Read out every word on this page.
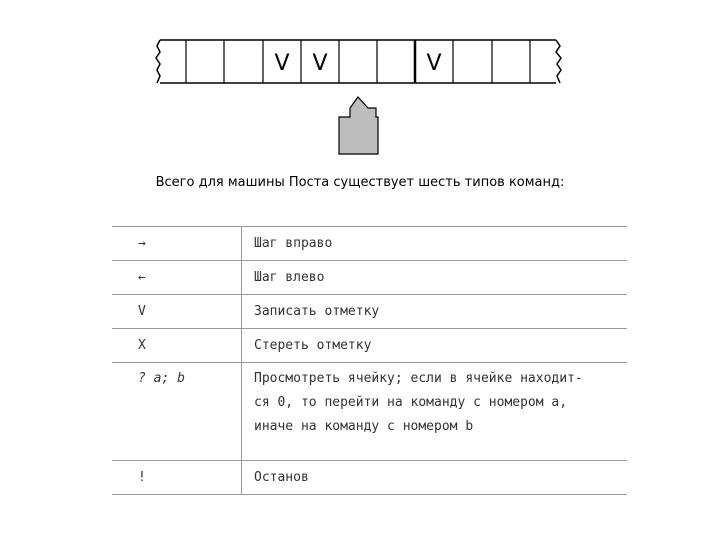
V V	V
Всего для машины Поста существует шесть типов команд:
→	Шаг вправо
←	Шаг влево
V	Записать отметку
X	Стереть отметку
? a; b	Просмотреть ячейку; если в ячейке находит-
ся 0, то перейти на команду с номером a,
иначе на команду с номером b

!	Останов
